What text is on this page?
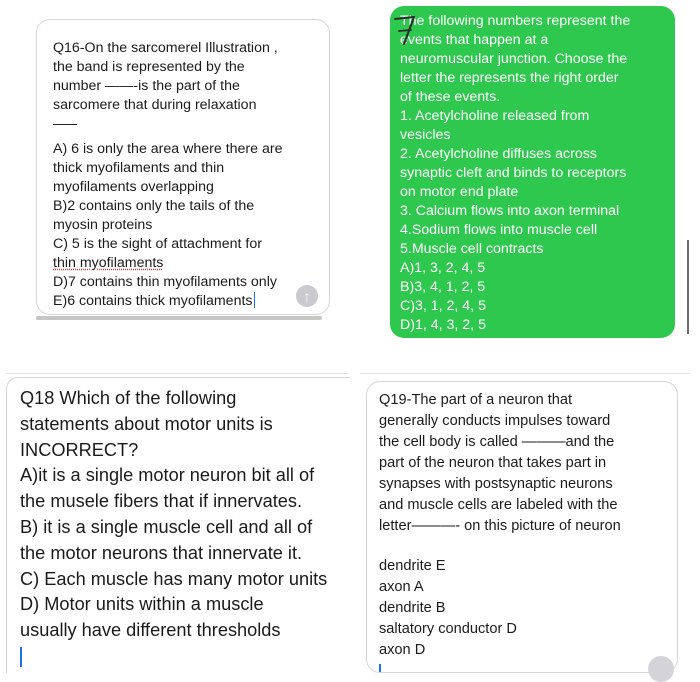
Q16-On the sarcomerel Illustration ,
the band is represented by the
number ——-is the part of the
sarcomere that during relaxation
A) 6 is only the area where there are
thick myofilaments and thin
myofilaments overlapping
B)2 contains only the tails of the
myosin proteins
C) 5 is the sight of attachment for
thin myofilaments
D)7 contains thin myofilaments only
E)6 contains thick myofilaments	↑
The following numbers represent the
events that happen at a
neuromuscular junction. Choose the
letter the represents the right order
of these events.
1. Acetylcholine released from
vesicles
2. Acetylcholine diffuses across
synaptic cleft and binds to receptors
on motor end plate
3. Calcium flows into axon terminal
4.Sodium flows into muscle cell
5.Muscle cell contracts
A)1, 3, 2, 4, 5
B)3, 4, 1, 2, 5
C)3, 1, 2, 4, 5
D)1, 4, 3, 2, 5
Q18 Which of the following
statements about motor units is
INCORRECT?
A)it is a single motor neuron bit all of
the musele fibers that if innervates.
B) it is a single muscle cell and all of
the motor neurons that innervate it.
C) Each muscle has many motor units
D) Motor units within a muscle
usually have different thresholds
Q19-The part of a neuron that
generally conducts impulses toward
the cell body is called ———and the
part of the neuron that takes part in
synapses with postsynaptic neurons
and muscle cells are labeled with the
letter———- on this picture of neuron
dendrite E
axon A
dendrite B
saltatory conductor D
axon D
